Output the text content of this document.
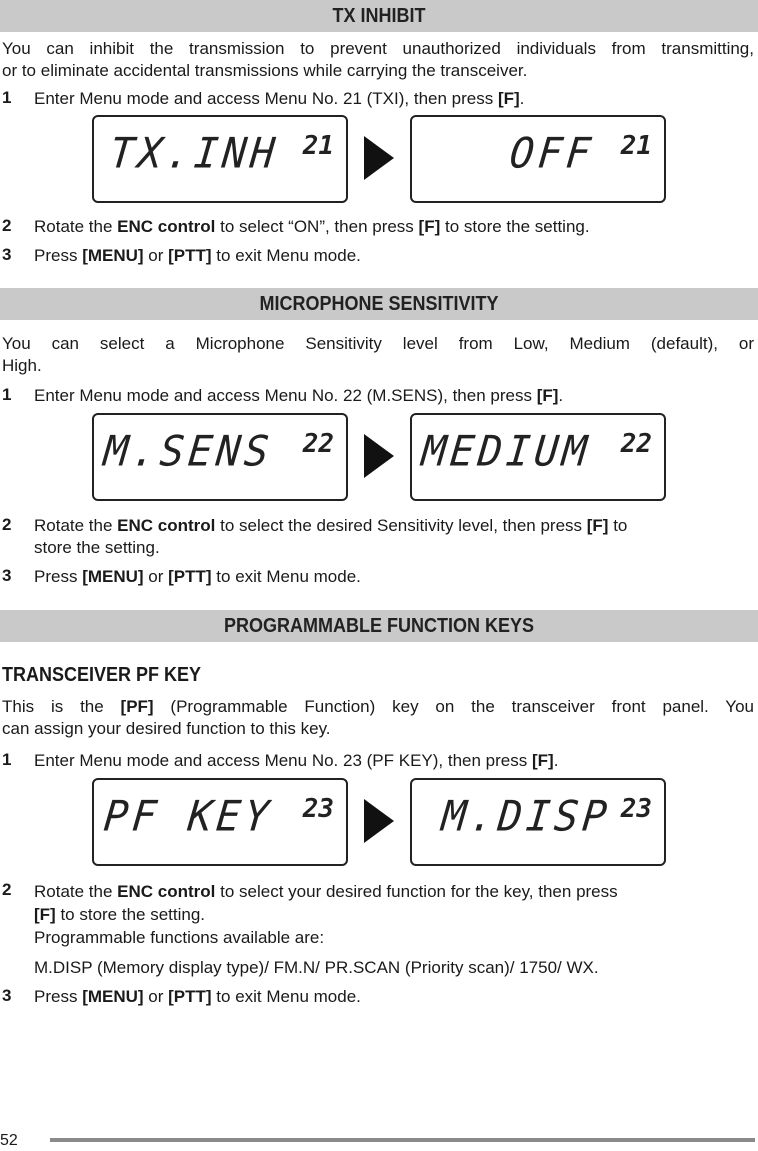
TX INHIBIT
You can inhibit the transmission to prevent unauthorized individuals from transmitting,
or to eliminate accidental transmissions while carrying the transceiver.
1 Enter Menu mode and access Menu No. 21 (TXI), then press [F].
TX.INH 21	OFF 21
2 Rotate the ENC control to select “ON”, then press [F] to store the setting.
3 Press [MENU] or [PTT] to exit Menu mode.
MICROPHONE SENSITIVITY
You can select a Microphone Sensitivity level from Low, Medium (default), or
High.
1 Enter Menu mode and access Menu No. 22 (M.SENS), then press [F].
M.SENS 22 MEDIUM 22
2 Rotate the ENC control to select the desired Sensitivity level, then press [F] to
store the setting.
3 Press [MENU] or [PTT] to exit Menu mode.
PROGRAMMABLE FUNCTION KEYS
TRANSCEIVER PF KEY
This is the [PF] (Programmable Function) key on the transceiver front panel. You
can assign your desired function to this key.
1 Enter Menu mode and access Menu No. 23 (PF KEY), then press [F].
PF KEY 23	M.DISP 23
2 Rotate the ENC control to select your desired function for the key, then press
[F] to store the setting.
Programmable functions available are:
M.DISP (Memory display type)/ FM.N/ PR.SCAN (Priority scan)/ 1750/ WX.
3 Press [MENU] or [PTT] to exit Menu mode.
52
